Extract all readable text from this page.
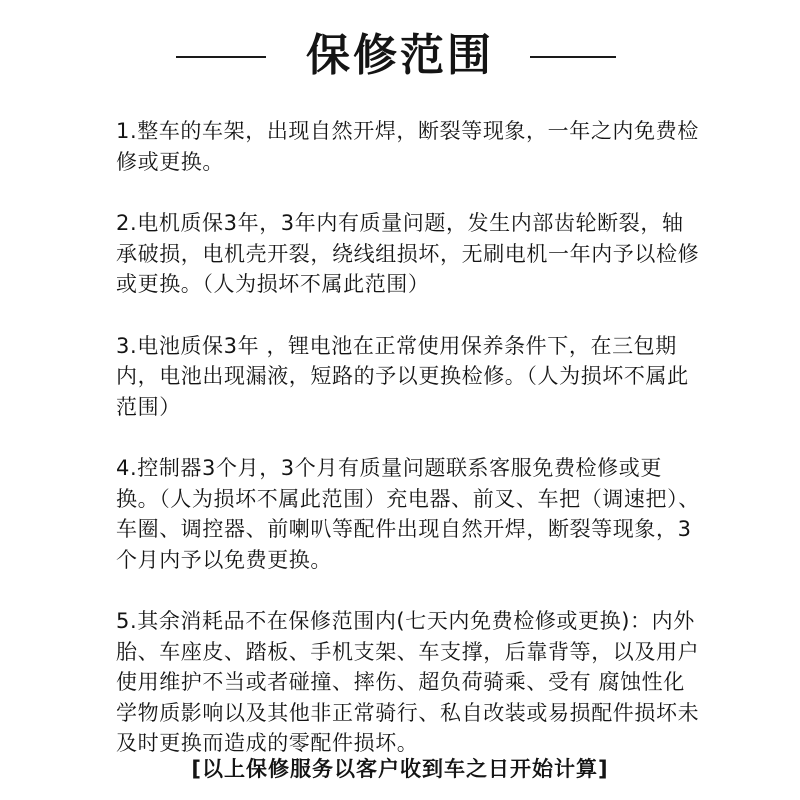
保修范围

1.整车的车架，出现自然开焊，断裂等现象，一年之内免费检修或更换。

2.电机质保3年，3年内有质量问题，发生内部齿轮断裂，轴承破损，电机壳开裂，绕线组损坏，无刷电机一年内予以检修或更换。（人为损坏不属此范围）

3.电池质保3年 ，锂电池在正常使用保养条件下，在三包期内，电池出现漏液，短路的予以更换检修。（人为损坏不属此范围）

4.控制器3个月，3个月有质量问题联系客服免费检修或更换。（人为损坏不属此范围）充电器、前叉、车把（调速把）、车圈、调控器、前喇叭等配件出现自然开焊，断裂等现象，3个月内予以免费更换。

5.其余消耗品不在保修范围内(七天内免费检修或更换)：内外胎、车座皮、踏板、手机支架、车支撑，后靠背等，以及用户使用维护不当或者碰撞、摔伤、超负荷骑乘、受有 腐蚀性化学物质影响以及其他非正常骑行、私自改装或易损配件损坏未及时更换而造成的零配件损坏。

[以上保修服务以客户收到车之日开始计算]
